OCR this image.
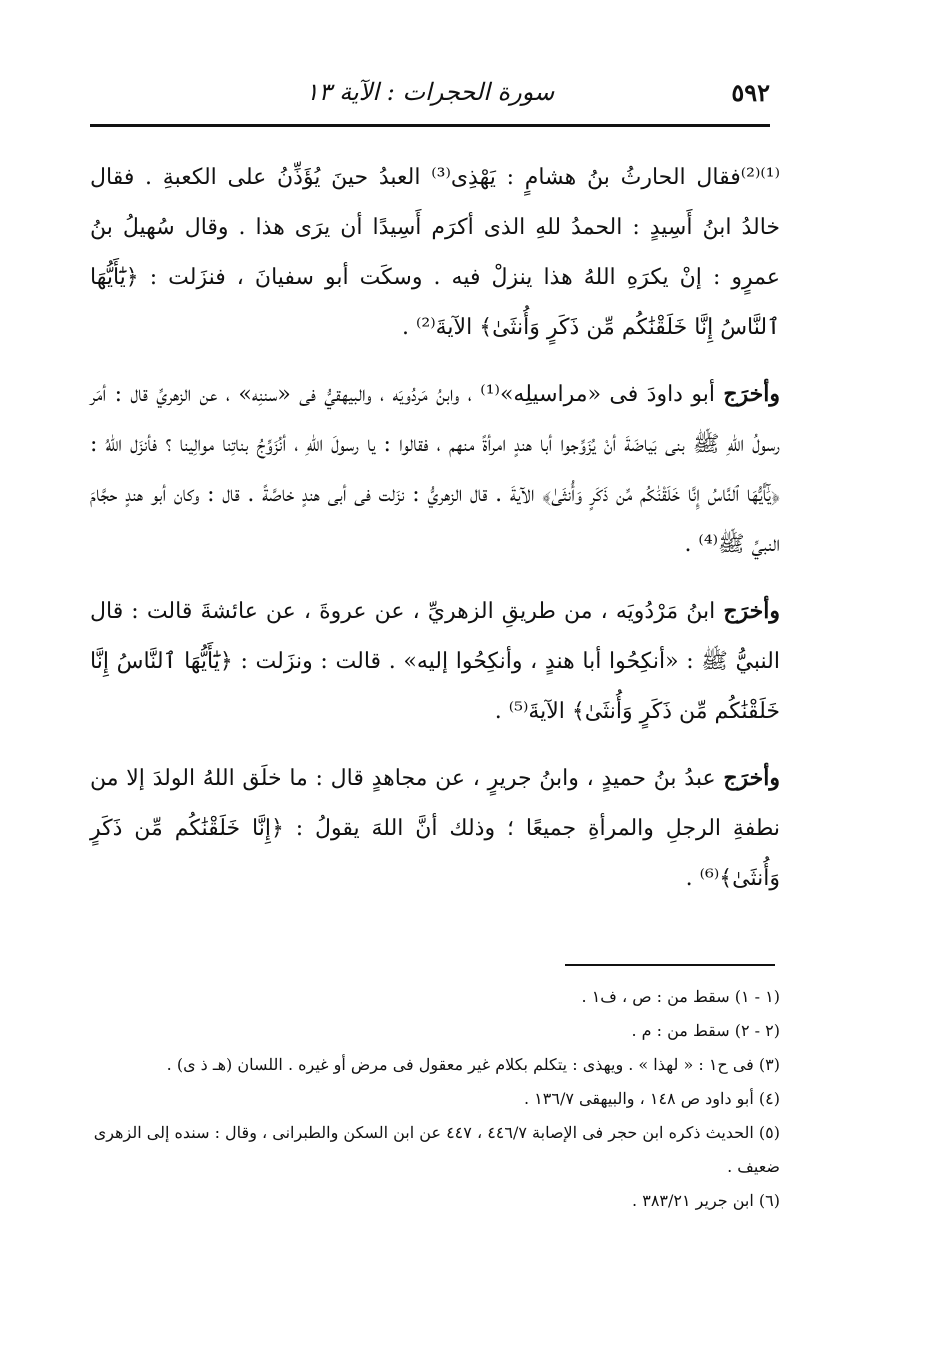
٥٩٢
سورة الحجرات : الآية ١٣

⁽¹⁾⁽²⁾فقال الحارثُ بنُ هشامٍ : يَهْذِى⁽³⁾ العبدُ حينَ يُؤَذِّنُ على الكعبةِ . فقال خالدُ ابنُ أَسِيدٍ : الحمدُ للهِ الذى أكرَم أَسِيدًا أن يرَى هذا . وقال سُهيلُ بنُ عمرٍو : إنْ يكرَهِ اللهُ هذا ينزلْ فيه . وسكَت أبو سفيانَ ، فنزَلت : ﴿يَٰٓأَيُّهَا ٱلنَّاسُ إِنَّا خَلَقْنَٰكُم مِّن ذَكَرٍ وَأُنثَىٰ﴾ الآيةَ⁽²⁾ .

وأخرَج أبو داودَ فى «مراسيلِه»⁽¹⁾ ، وابنُ مَردُويَه ، والبيهقيُّ فى «سننِه» ، عن الزهريِّ قال : أمَر رسولُ اللهِ ﷺ بنى بَياضَةَ أنْ يُزَوِّجوا أبا هندٍ امرأةً منهم ، فقالوا : يا رسولَ اللهِ ، أنُزَوِّجُ بناتِنا موالِينا ؟ فأنزَل اللهُ : ﴿يَٰٓأَيُّهَا ٱلنَّاسُ إِنَّا خَلَقْنَٰكُم مِّن ذَكَرٍ وَأُنثَىٰ﴾ الآيةَ . قال الزهريُّ : نزَلت فى أبى هندٍ خاصَّةً . قال : وكان أبو هندٍ حجَّامَ النبيِّ ﷺ⁽⁴⁾ .

وأخرَج ابنُ مَرْدُويَه ، من طريقِ الزهريِّ ، عن عروةَ ، عن عائشةَ قالت : قال النبيُّ ﷺ : «أنكِحُوا أبا هندٍ ، وأنكِحُوا إليه» . قالت : ونزَلت : ﴿يَٰٓأَيُّهَا ٱلنَّاسُ إِنَّا خَلَقْنَٰكُم مِّن ذَكَرٍ وَأُنثَىٰ﴾ الآيةَ⁽⁵⁾ .

وأخرَج عبدُ بنُ حميدٍ ، وابنُ جريرٍ ، عن مجاهدٍ قال : ما خلَق اللهُ الولدَ إلا من نطفةِ الرجلِ والمرأةِ جميعًا ؛ وذلك أنَّ اللهَ يقولُ : ﴿إِنَّا خَلَقْنَٰكُم مِّن ذَكَرٍ وَأُنثَىٰ﴾⁽⁶⁾ .

(١ - ١) سقط من : ص ، ف١ .

(٢ - ٢) سقط من : م .

(٣) فى ح١ : « لهذا » . ويهذى : يتكلم بكلام غير معقول فى مرض أو غيره . اللسان (هـ ذ ى) .

(٤) أبو داود ص ١٤٨ ، والبيهقى ١٣٦/٧ .

(٥) الحديث ذكره ابن حجر فى الإصابة ٤٤٦/٧ ، ٤٤٧ عن ابن السكن والطبرانى ، وقال : سنده إلى الزهرى ضعيف .

(٦) ابن جرير ٣٨٣/٢١ .
